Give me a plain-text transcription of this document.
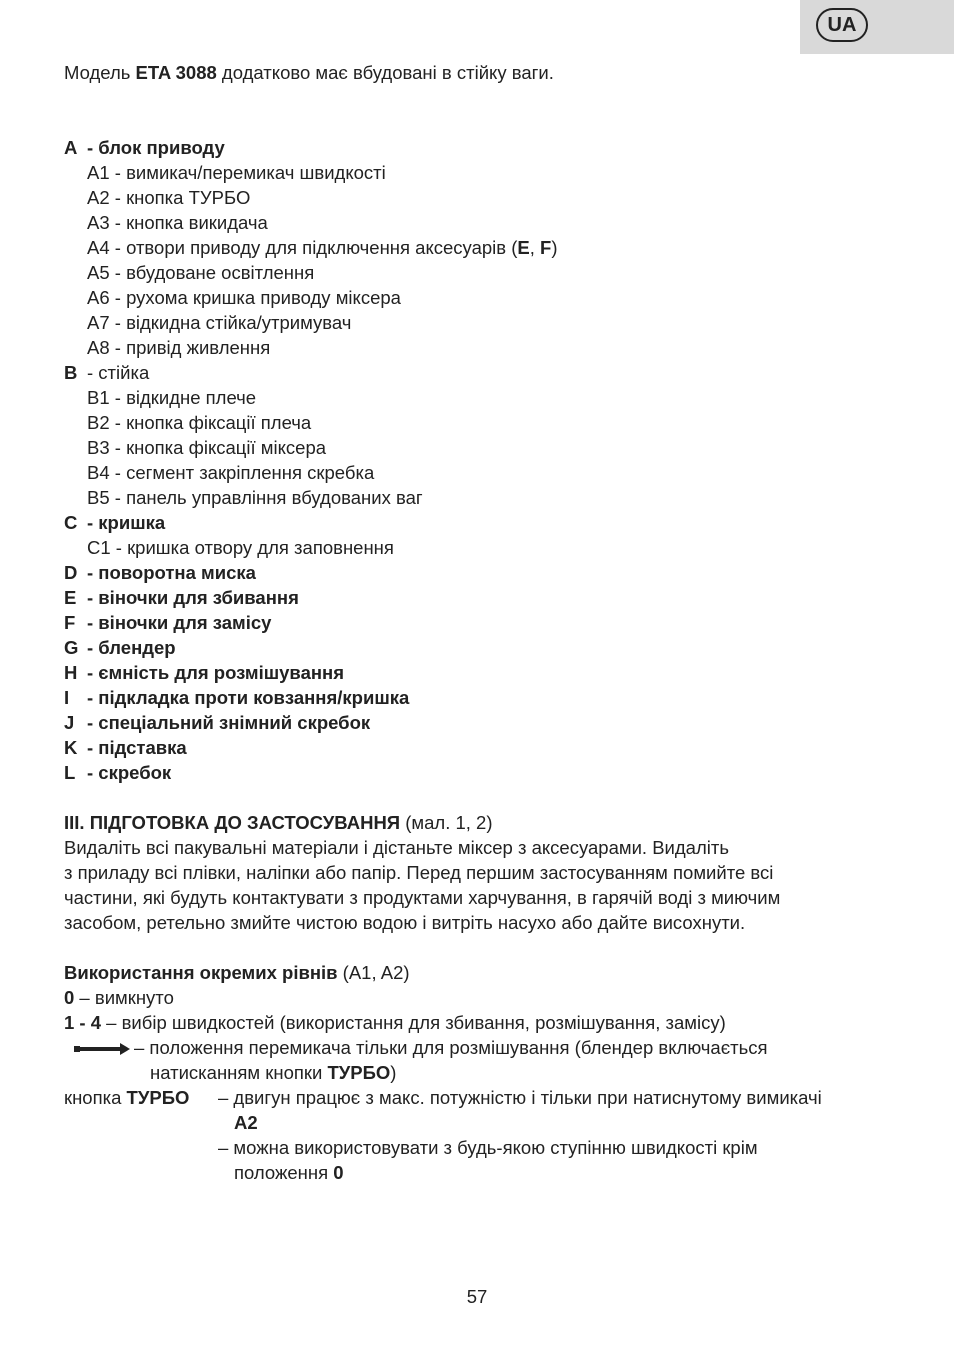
UA
Модель ETA 3088 додатково має вбудовані в стійку ваги.
A - блок приводу
A1 - вимикач/перемикач швидкості
A2 - кнопка ТУРБО
A3 - кнопка викидача
A4 - отвори приводу для підключення аксесуарів (E, F)
A5 - вбудоване освітлення
A6 - рухома кришка приводу міксера
A7 - відкидна стійка/утримувач
A8 - привід живлення
B - стійка
B1 - відкидне плече
B2 - кнопка фіксації плеча
B3 - кнопка фіксації міксера
B4 - сегмент закріплення скребка
B5 - панель управління вбудованих ваг
C - кришка
C1 - кришка отвору для заповнення
D - поворотна миска
E - віночки для збивання
F - віночки для замісу
G - блендер
H - ємність для розмішування
I - підкладка проти ковзання/кришка
J - спеціальний знімний скребок
K - підставка
L - скребок
III. ПІДГОТОВКА ДО ЗАСТОСУВАННЯ (мал. 1, 2)
Видаліть всі пакувальні матеріали і дістаньте міксер з аксесуарами. Видаліть
з приладу всі плівки, наліпки або папір. Перед першим застосуванням помийте всі
частини, які будуть контактувати з продуктами харчування, в гарячій воді з миючим
засобом, ретельно змийте чистою водою і витріть насухо або дайте висохнути.
Використання окремих рівнів (A1, A2)
0 – вимкнуто
1 - 4 – вибір швидкостей (використання для збивання, розмішування, замісу)
– положення перемикача тільки для розмішування (блендер включається
натисканням кнопки ТУРБО)
кнопка ТУРБО – двигун працює з макс. потужністю і тільки при натиснутому вимикачі
A2
– можна використовувати з будь-якою ступінню швидкості крім
положення 0
57
